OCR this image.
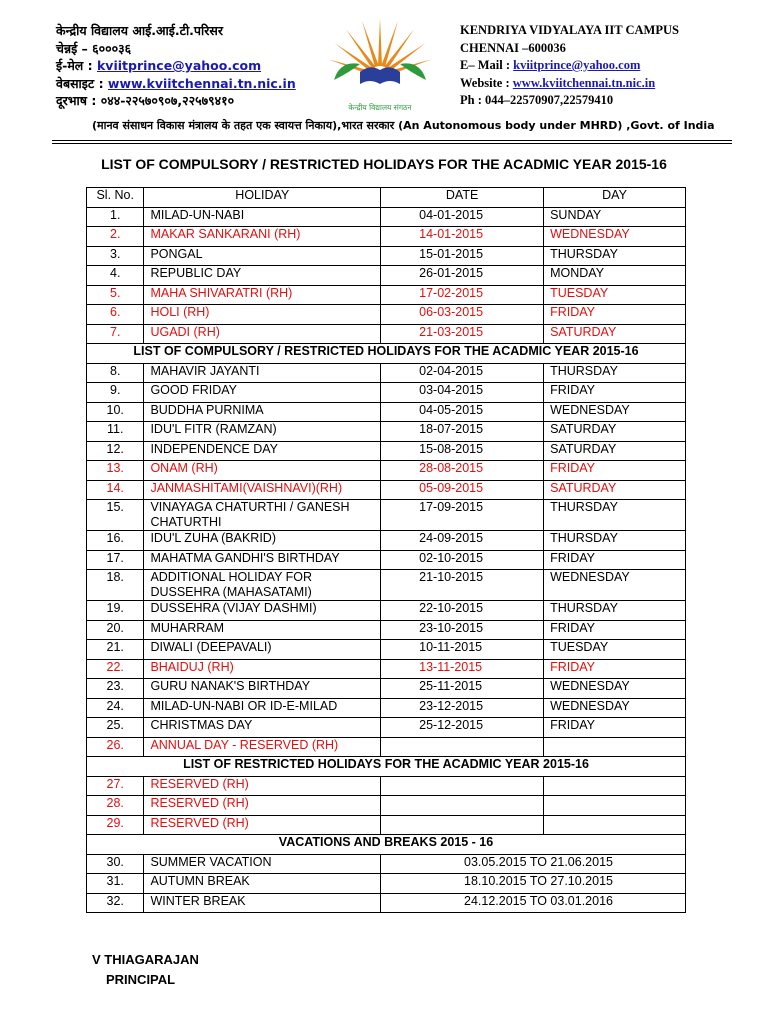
केन्द्रीय विद्यालय आई.आई.टी.परिसर
चेन्नई – ६०००३६
ई-मेल : kviitprince@yahoo.com
वेबसाइट : www.kviitchennai.tn.nic.in
दूरभाष : ०४४-२२५७०९०७,२२५७९४१०	केन्द्रीय विद्यालय संगठन
KENDRIYA VIDYALAYA IIT CAMPUS
CHENNAI –600036
E– Mail : kviitprince@yahoo.com
Website : www.kviitchennai.tn.nic.in
Ph : 044–22570907,22579410
(मानव संसाधन विकास मंत्रालय के तहत एक स्वायत्त निकाय),भारत सरकार (An Autonomous body under MHRD) ,Govt. of India
LIST OF COMPULSORY / RESTRICTED HOLIDAYS FOR THE ACADMIC YEAR 2015-16
Sl. No.	HOLIDAY	DATE	DAY
1.	MILAD-UN-NABI	04-01-2015	SUNDAY
2.	MAKAR SANKARANI (RH)	14-01-2015	WEDNESDAY
3.	PONGAL	15-01-2015	THURSDAY
4.	REPUBLIC DAY	26-01-2015	MONDAY
5.	MAHA SHIVARATRI (RH)	17-02-2015	TUESDAY
6.	HOLI (RH)	06-03-2015	FRIDAY
7.	UGADI (RH)	21-03-2015	SATURDAY
LIST OF COMPULSORY / RESTRICTED HOLIDAYS FOR THE ACADMIC YEAR 2015-16			
8.	MAHAVIR JAYANTI	02-04-2015	THURSDAY
9.	GOOD FRIDAY	03-04-2015	FRIDAY
10.	BUDDHA PURNIMA	04-05-2015	WEDNESDAY
11.	IDU'L FITR (RAMZAN)	18-07-2015	SATURDAY
12.	INDEPENDENCE DAY	15-08-2015	SATURDAY
13.	ONAM (RH)	28-08-2015	FRIDAY
14.	JANMASHITAMI(VAISHNAVI)(RH)	05-09-2015	SATURDAY
15.	VINAYAGA CHATURTHI / GANESH CHATURTHI	17-09-2015	THURSDAY
16.	IDU'L ZUHA (BAKRID)	24-09-2015	THURSDAY
17.	MAHATMA GANDHI'S BIRTHDAY	02-10-2015	FRIDAY
18.	ADDITIONAL HOLIDAY FOR DUSSEHRA (MAHASATAMI)	21-10-2015	WEDNESDAY
19.	DUSSEHRA (VIJAY DASHMI)	22-10-2015	THURSDAY
20.	MUHARRAM	23-10-2015	FRIDAY
21.	DIWALI (DEEPAVALI)	10-11-2015	TUESDAY
22.	BHAIDUJ (RH)	13-11-2015	FRIDAY
23.	GURU NANAK'S BIRTHDAY	25-11-2015	WEDNESDAY
24.	MILAD-UN-NABI OR ID-E-MILAD	23-12-2015	WEDNESDAY
25.	CHRISTMAS DAY	25-12-2015	FRIDAY
26.	ANNUAL DAY - RESERVED (RH)		
LIST OF RESTRICTED HOLIDAYS FOR THE ACADMIC YEAR 2015-16			
27.	RESERVED (RH)		
28.	RESERVED (RH)		
29.	RESERVED (RH)		
VACATIONS AND BREAKS 2015 - 16			
30.	SUMMER VACATION	03.05.2015 TO 21.06.2015	
31.	AUTUMN BREAK	18.10.2015 TO 27.10.2015	
32.	WINTER BREAK	24.12.2015 TO 03.01.2016	
V THIAGARAJAN
PRINCIPAL
